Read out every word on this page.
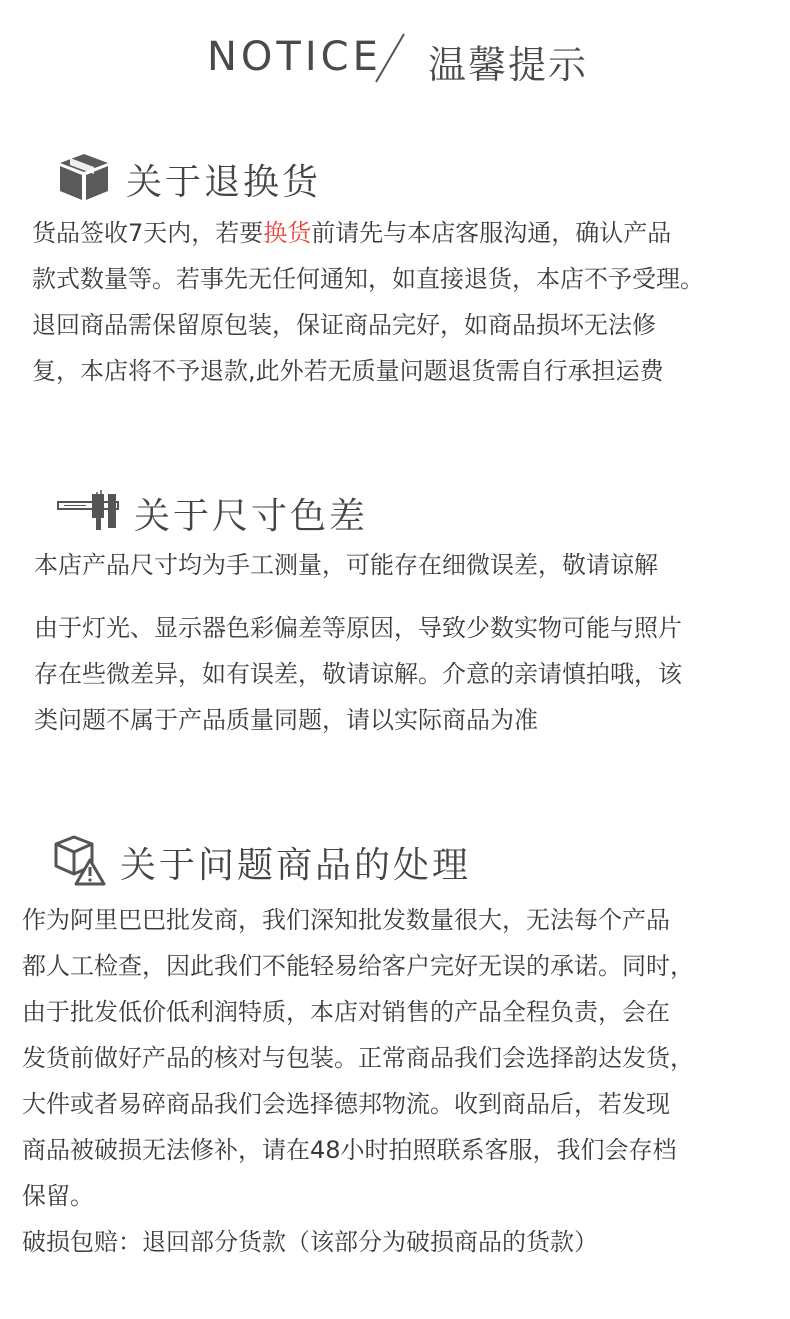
NOTICE 温馨提示
关于退换货
货品签收7天内，若要换货前请先与本店客服沟通，确认产品
款式数量等。若事先无任何通知，如直接退货，本店不予受理。
退回商品需保留原包装，保证商品完好，如商品损坏无法修
复，本店将不予退款,此外若无质量问题退货需自行承担运费
关于尺寸色差

本店产品尺寸均为手工测量，可能存在细微误差，敬请谅解

由于灯光、显示器色彩偏差等原因，导致少数实物可能与照片
存在些微差异，如有误差，敬请谅解。介意的亲请慎拍哦，该
类问题不属于产品质量同题，请以实际商品为准
关于问题商品的处理
作为阿里巴巴批发商，我们深知批发数量很大，无法每个产品
都人工检查，因此我们不能轻易给客户完好无误的承诺。同时，
由于批发低价低利润特质，本店对销售的产品全程负责，会在
发货前做好产品的核对与包装。正常商品我们会选择韵达发货，
大件或者易碎商品我们会选择德邦物流。收到商品后，若发现
商品被破损无法修补，请在48小时拍照联系客服，我们会存档
保留。
破损包赔：退回部分货款（该部分为破损商品的货款）
